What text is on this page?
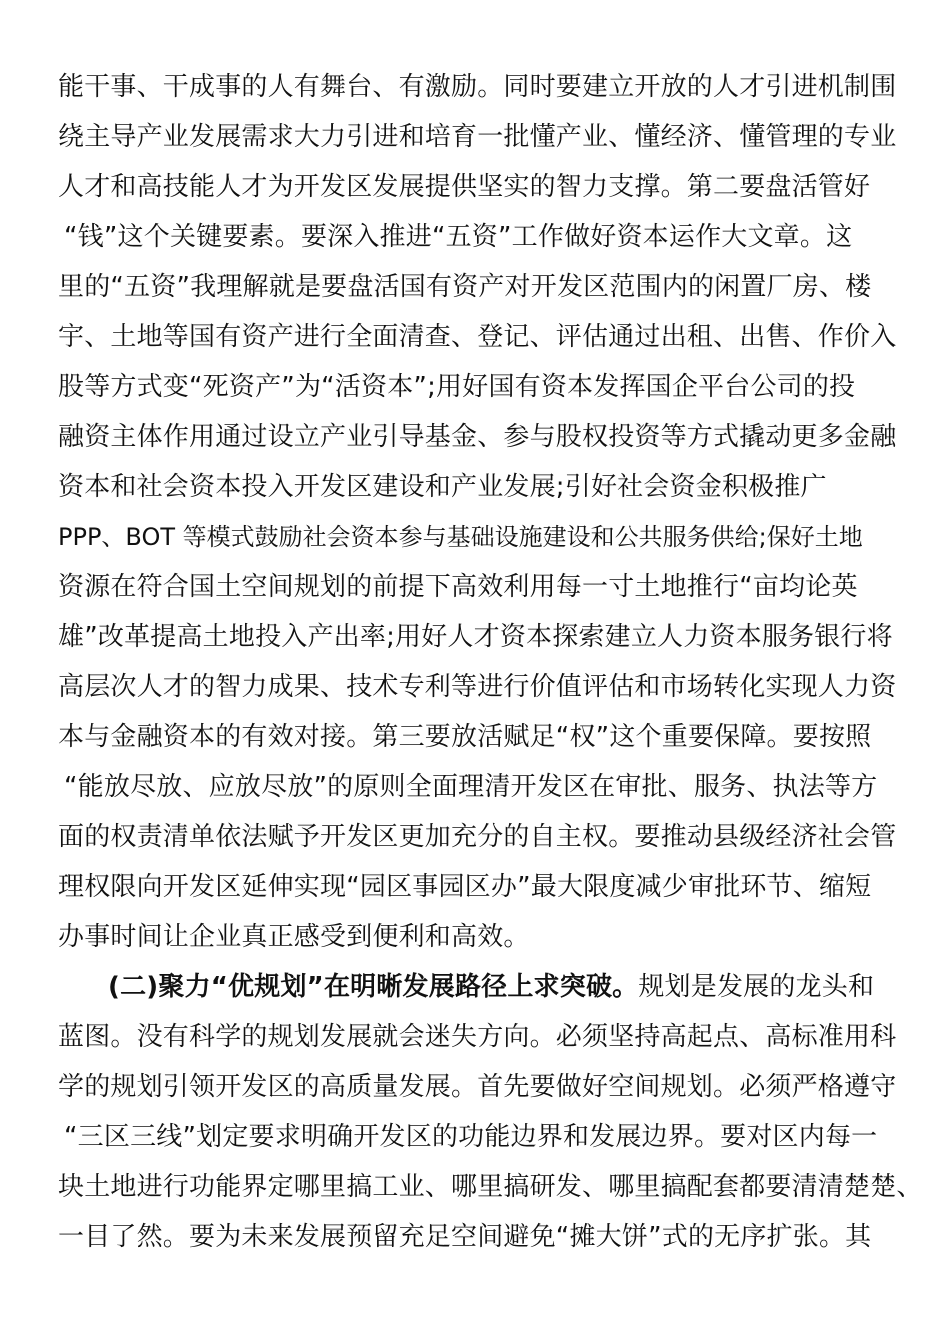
能干事、干成事的人有舞台、有激励。同时要建立开放的人才引进机制围
绕主导产业发展需求大力引进和培育一批懂产业、懂经济、懂管理的专业
人才和高技能人才为开发区发展提供坚实的智力支撑。第二要盘活管好
“钱”这个关键要素。要深入推进“五资”工作做好资本运作大文章。这
里的“五资”我理解就是要盘活国有资产对开发区范围内的闲置厂房、楼
宇、土地等国有资产进行全面清查、登记、评估通过出租、出售、作价入
股等方式变“死资产”为“活资本”;用好国有资本发挥国企平台公司的投
融资主体作用通过设立产业引导基金、参与股权投资等方式撬动更多金融
资本和社会资本投入开发区建设和产业发展;引好社会资金积极推广
PPP、BOT 等模式鼓励社会资本参与基础设施建设和公共服务供给;保好土地
资源在符合国土空间规划的前提下高效利用每一寸土地推行“亩均论英
雄”改革提高土地投入产出率;用好人才资本探索建立人力资本服务银行将
高层次人才的智力成果、技术专利等进行价值评估和市场转化实现人力资
本与金融资本的有效对接。第三要放活赋足“权”这个重要保障。要按照
“能放尽放、应放尽放”的原则全面理清开发区在审批、服务、执法等方
面的权责清单依法赋予开发区更加充分的自主权。要推动县级经济社会管
理权限向开发区延伸实现“园区事园区办”最大限度减少审批环节、缩短
办事时间让企业真正感受到便利和高效。
(二)聚力“优规划”在明晰发展路径上求突破。规划是发展的龙头和
蓝图。没有科学的规划发展就会迷失方向。必须坚持高起点、高标准用科
学的规划引领开发区的高质量发展。首先要做好空间规划。必须严格遵守
“三区三线”划定要求明确开发区的功能边界和发展边界。要对区内每一
块土地进行功能界定哪里搞工业、哪里搞研发、哪里搞配套都要清清楚楚、
一目了然。要为未来发展预留充足空间避免“摊大饼”式的无序扩张。其
